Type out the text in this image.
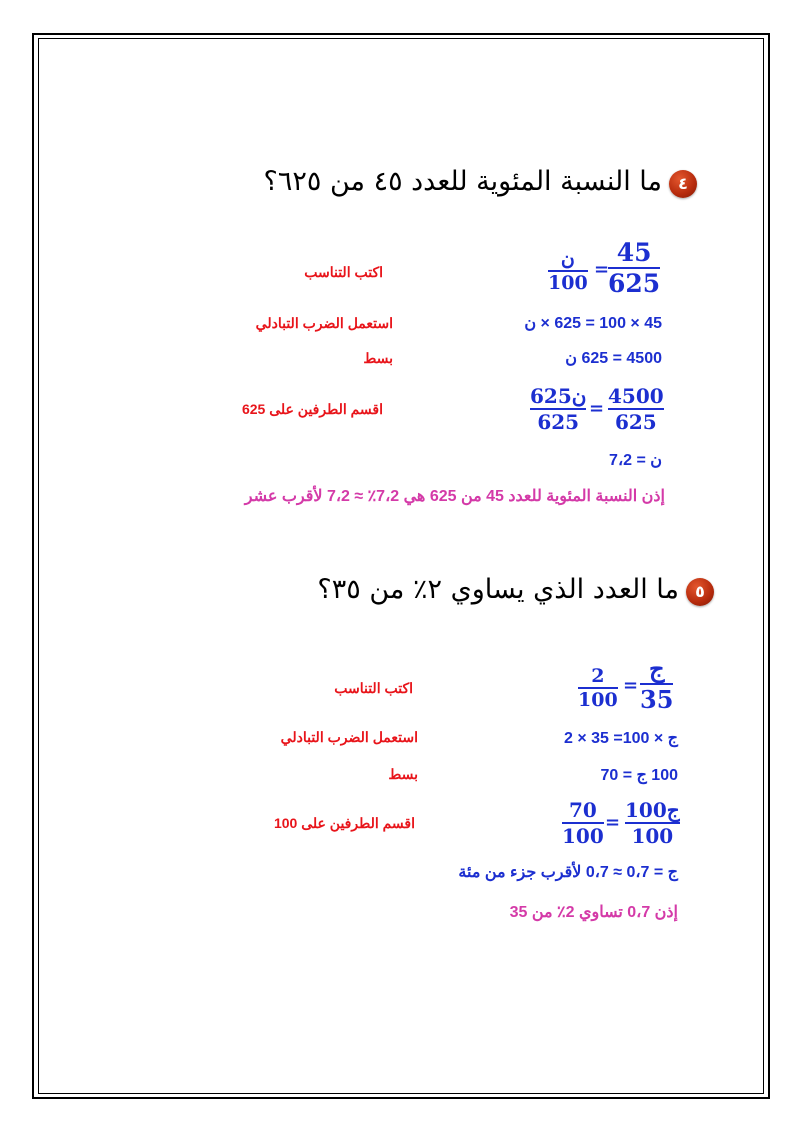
٤
ما النسبة المئوية للعدد ٤٥ من ٦٢٥؟
45
625
=
ن
100
اكتب التناسب
45 × 100 = 625 × ن
استعمل الضرب التبادلي
4500 = 625 ن
بسط
4500
625
=
625ن
625
اقسم الطرفين على 625
ن = 7،2
إذن النسبة المئوية للعدد 45 من 625 هي 7،2٪ ≈ 7،2 لأقرب عشر
٥
ما العدد الذي يساوي ٢٪ من ٣٥؟
ج
35
=
2
100
اكتب التناسب
ج × 100= 35 × 2
استعمل الضرب التبادلي
100 ج = 70
بسط
100ج
100
=
70
100
اقسم الطرفين على 100
ج = 0،7 ≈ 0،7 لأقرب جزء من مئة
إذن 0،7 تساوي 2٪ من 35
